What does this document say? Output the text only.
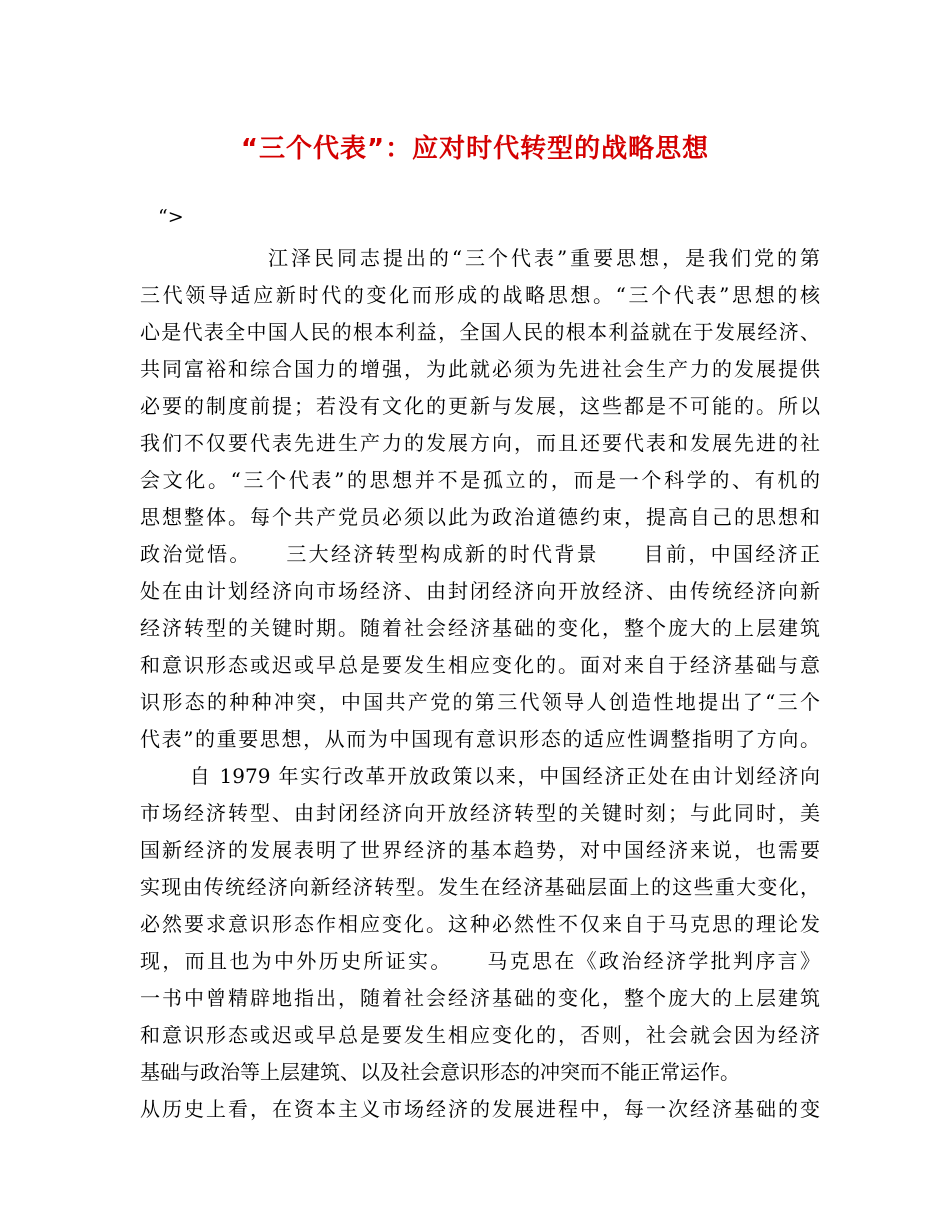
“三个代表”：应对时代转型的战略思想
“>
江泽民同志提出的“三个代表”重要思想，是我们党的第
三代领导适应新时代的变化而形成的战略思想。“三个代表”思想的核
心是代表全中国人民的根本利益，全国人民的根本利益就在于发展经济、
共同富裕和综合国力的增强，为此就必须为先进社会生产力的发展提供
必要的制度前提；若没有文化的更新与发展，这些都是不可能的。所以
我们不仅要代表先进生产力的发展方向，而且还要代表和发展先进的社
会文化。“三个代表”的思想并不是孤立的，而是一个科学的、有机的
思想整体。每个共产党员必须以此为政治道德约束，提高自己的思想和
政治觉悟。　　三大经济转型构成新的时代背景　　目前，中国经济正
处在由计划经济向市场经济、由封闭经济向开放经济、由传统经济向新
经济转型的关键时期。随着社会经济基础的变化，整个庞大的上层建筑
和意识形态或迟或早总是要发生相应变化的。面对来自于经济基础与意
识形态的种种冲突，中国共产党的第三代领导人创造性地提出了“三个
代表”的重要思想，从而为中国现有意识形态的适应性调整指明了方向。
　自 1979 年实行改革开放政策以来，中国经济正处在由计划经济向
市场经济转型、由封闭经济向开放经济转型的关键时刻；与此同时，美
国新经济的发展表明了世界经济的基本趋势，对中国经济来说，也需要
实现由传统经济向新经济转型。发生在经济基础层面上的这些重大变化，
必然要求意识形态作相应变化。这种必然性不仅来自于马克思的理论发
现，而且也为中外历史所证实。　　马克思在《政治经济学批判序言》
一书中曾精辟地指出，随着社会经济基础的变化，整个庞大的上层建筑
和意识形态或迟或早总是要发生相应变化的，否则，社会就会因为经济
基础与政治等上层建筑、以及社会意识形态的冲突而不能正常运作。
从历史上看，在资本主义市场经济的发展进程中，每一次经济基础的变
